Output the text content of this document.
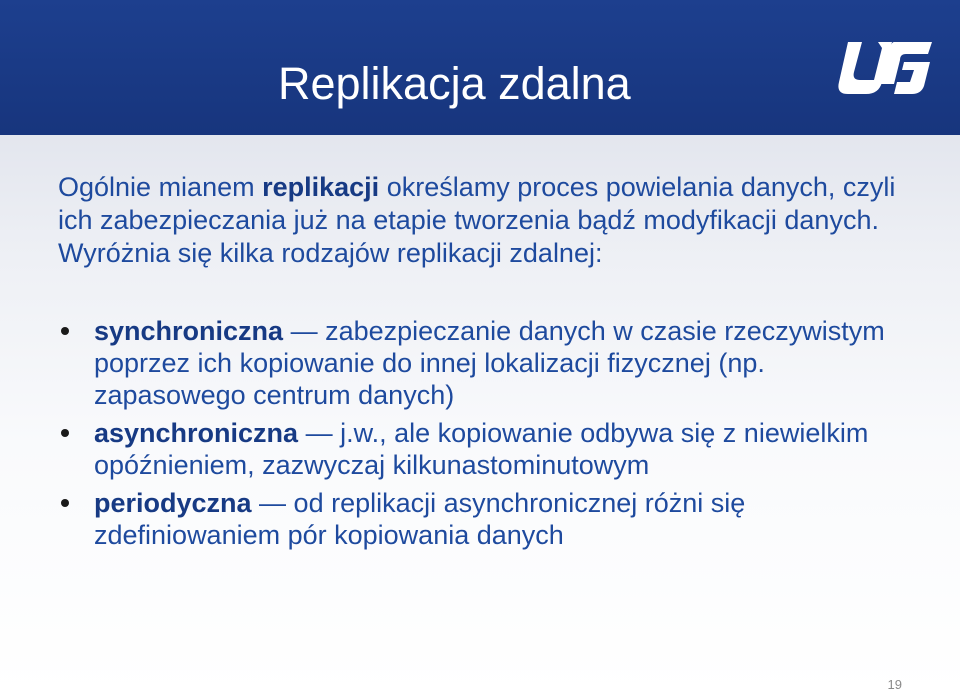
Replikacja zdalna
Ogólnie mianem replikacji określamy proces powielania danych, czyli ich zabezpieczania już na etapie tworzenia bądź modyfikacji danych. Wyróżnia się kilka rodzajów replikacji zdalnej:
synchroniczna — zabezpieczanie danych w czasie rzeczywistym poprzez ich kopiowanie do innej lokalizacji fizycznej (np. zapasowego centrum danych)
asynchroniczna — j.w., ale kopiowanie odbywa się z niewielkim opóźnieniem, zazwyczaj kilkunastominutowym
periodyczna — od replikacji asynchronicznej różni się zdefiniowaniem pór kopiowania danych
19
